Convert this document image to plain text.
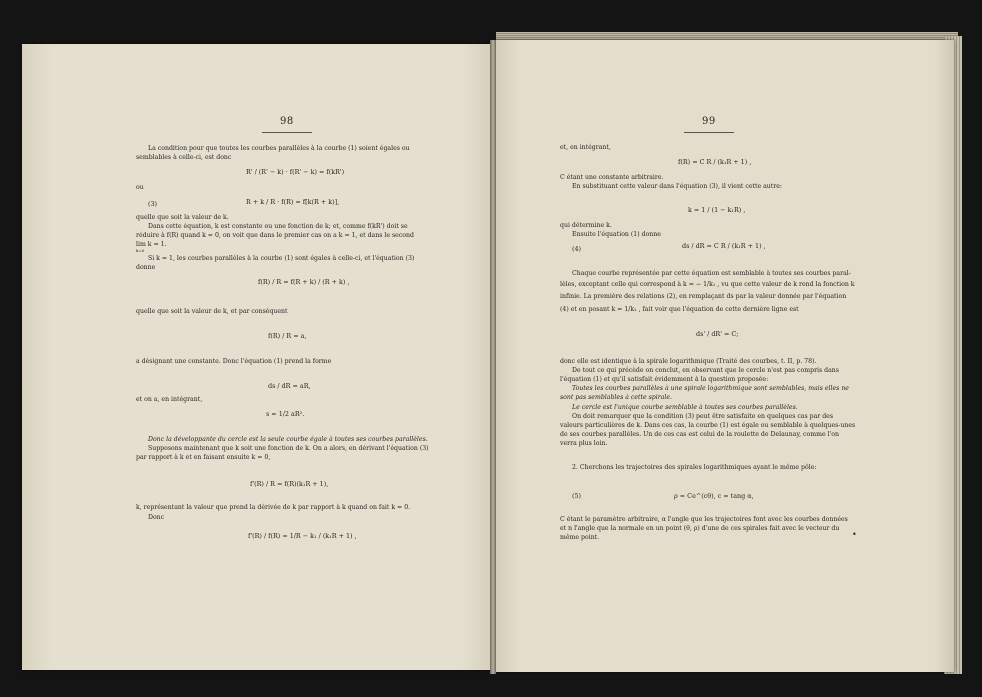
98
La condition pour que toutes les courbes parallèles à la courbe (1) soient égales ou
semblables à celle-ci, est donc
R' / (R' − k) · f(R' − k) = f(kR')
ou
(3)	R + k / R · f(R) = f[k(R + k)],
quelle que soit la valeur de k.
Dans cette équation, k est constante ou une fonction de k; et, comme f(kR') doit se
réduire à f(R) quand k = 0, on voit que dans le premier cas on a k = 1, et dans le second
lim k = 1.
k=0
Si k = 1, les courbes parallèles à la courbe (1) sont égales à celle-ci, et l'équation (3)
donne
f(R) / R = f(R + k) / (R + k) ,
quelle que soit la valeur de k, et par conséquent
f(R) / R = a,
a désignant une constante. Donc l'équation (1) prend la forme
ds / dR = aR,
et on a, en intégrant,
s = 1/2 aR².
Donc la développante du cercle est la seule courbe égale à toutes ses courbes parallèles.
Supposons maintenant que k soit une fonction de k. On a alors, en dérivant l'équation (3)
par rapport à k et en faisant ensuite k = 0,
f'(R) / R = f(R)(k₁R + 1),
k, représentant la valeur que prend la dérivée de k par rapport à k quand on fait k = 0.
Donc
f'(R) / f(R) = 1/R − k₁ / (k₁R + 1) ,
99
et, en intégrant,
f(R) = C R / (k₁R + 1) ,
C étant une constante arbitraire.
En substituant cette valeur dans l'équation (3), il vient cette autre:
k = 1 / (1 − k₁R) ,
qui détermine k.
Ensuite l'équation (1) donne
(4)	ds / dR = C R / (k₁R + 1) ,
Chaque courbe représentée par cette équation est semblable à toutes ses courbes paral-
lèles, exceptant celle qui correspond à k = − 1/k₁ , vu que cette valeur de k rend la fonction k
infinie. La première des relations (2), en remplaçant ds par la valeur donnée par l'équation
(4) et en posant k = 1/k₁ , fait voir que l'équation de cette dernière ligne est
ds' / dR' = C;
donc elle est identique à la spirale logarithmique (Traité des courbes, t. II, p. 78).
De tout ce qui précède on conclut, en observant que le cercle n'est pas compris dans
l'équation (1) et qu'il satisfait évidemment à la question proposée:
Toutes les courbes parallèles à une spirale logarithmique sont semblables, mais elles ne
sont pas semblables à cette spirale.
Le cercle est l'unique courbe semblable à toutes ses courbes parallèles.
On doit remarquer que la condition (3) peut être satisfaite en quelques cas par des
valeurs particulières de k. Dans ces cas, la courbe (1) est égale ou semblable à quelques-unes
de ses courbes parallèles. Un de ces cas est celui de la roulette de Delaunay, comme l'on
verra plus loin.
2. Cherchons les trajectoires des spirales logarithmiques ayant le même pôle:
(5)	ρ = Ce^(cθ), c = tang α,
C étant le paramètre arbitraire, α l'angle que les trajectoires font avec les courbes données
et n l'angle que la normale en un point (θ, ρ) d'une de ces spirales fait avec le vecteur du
même point.	•
